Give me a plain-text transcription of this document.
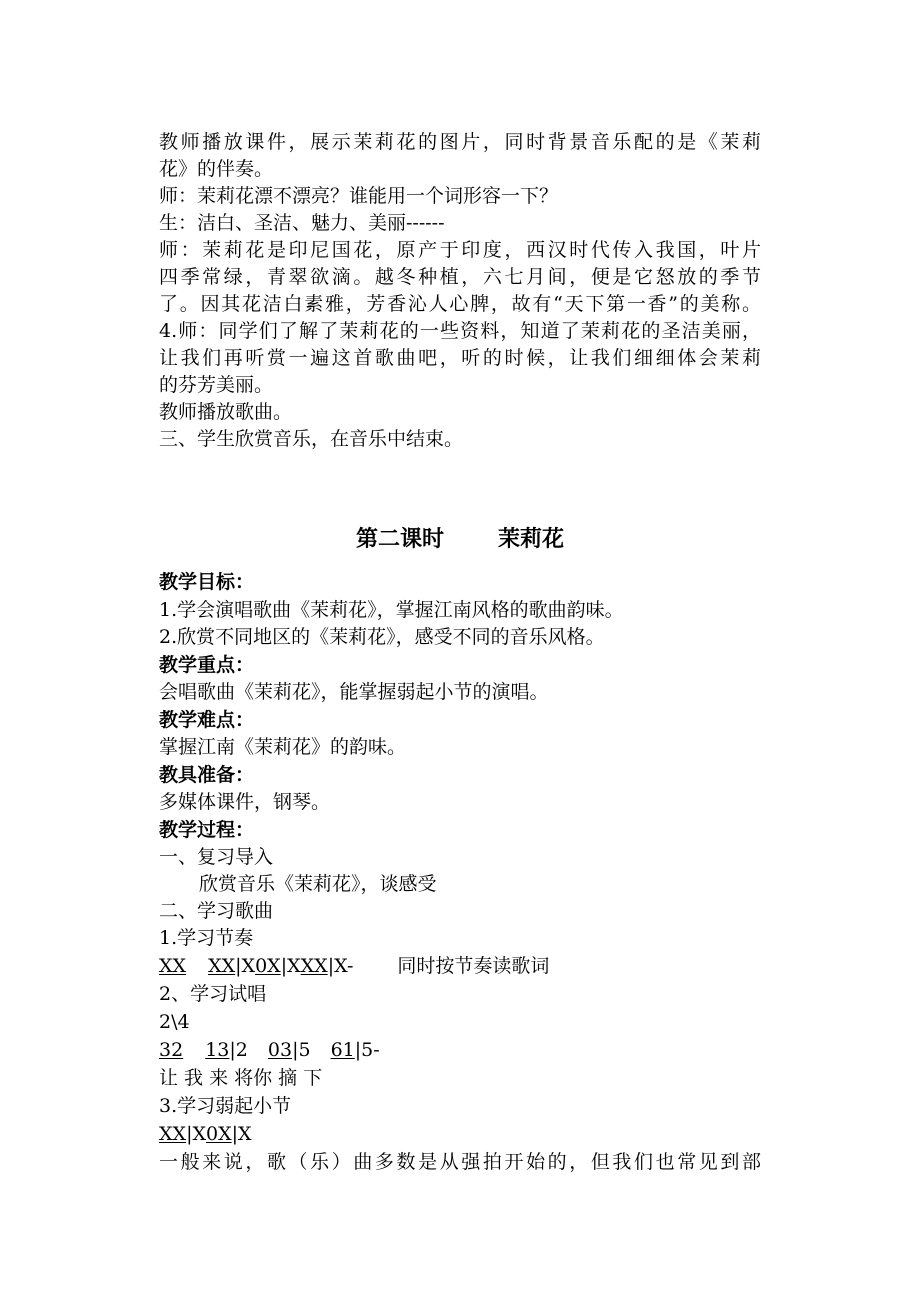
教师播放课件，展示茉莉花的图片，同时背景音乐配的是《茉莉
花》的伴奏。
师：茉莉花漂不漂亮？谁能用一个词形容一下？
生：洁白、圣洁、魅力、美丽------
师：茉莉花是印尼国花，原产于印度，西汉时代传入我国，叶片
四季常绿，青翠欲滴。越冬种植，六七月间，便是它怒放的季节
了。因其花洁白素雅，芳香沁人心脾，故有“天下第一香”的美称。
4.师：同学们了解了茉莉花的一些资料，知道了茉莉花的圣洁美丽，
让我们再听赏一遍这首歌曲吧，听的时候，让我们细细体会茉莉
的芬芳美丽。
教师播放歌曲。
三、学生欣赏音乐，在音乐中结束。
第二课时 茉莉花
教学目标：
1.学会演唱歌曲《茉莉花》，掌握江南风格的歌曲韵味。
2.欣赏不同地区的《茉莉花》，感受不同的音乐风格。
教学重点：
会唱歌曲《茉莉花》，能掌握弱起小节的演唱。
教学难点：
掌握江南《茉莉花》的韵味。
教具准备：
多媒体课件，钢琴。
教学过程：
一、复习导入
欣赏音乐《茉莉花》，谈感受
二、学习歌曲
1.学习节奏
XX XX|X0X|XXX|X- 同时按节奏读歌词
2、学习试唱
2\4
32 13|2 03|5 61|5-
让 我 来 将你 摘 下
3.学习弱起小节
XX|X0X|X
一般来说，歌（乐）曲多数是从强拍开始的，但我们也常见到部
